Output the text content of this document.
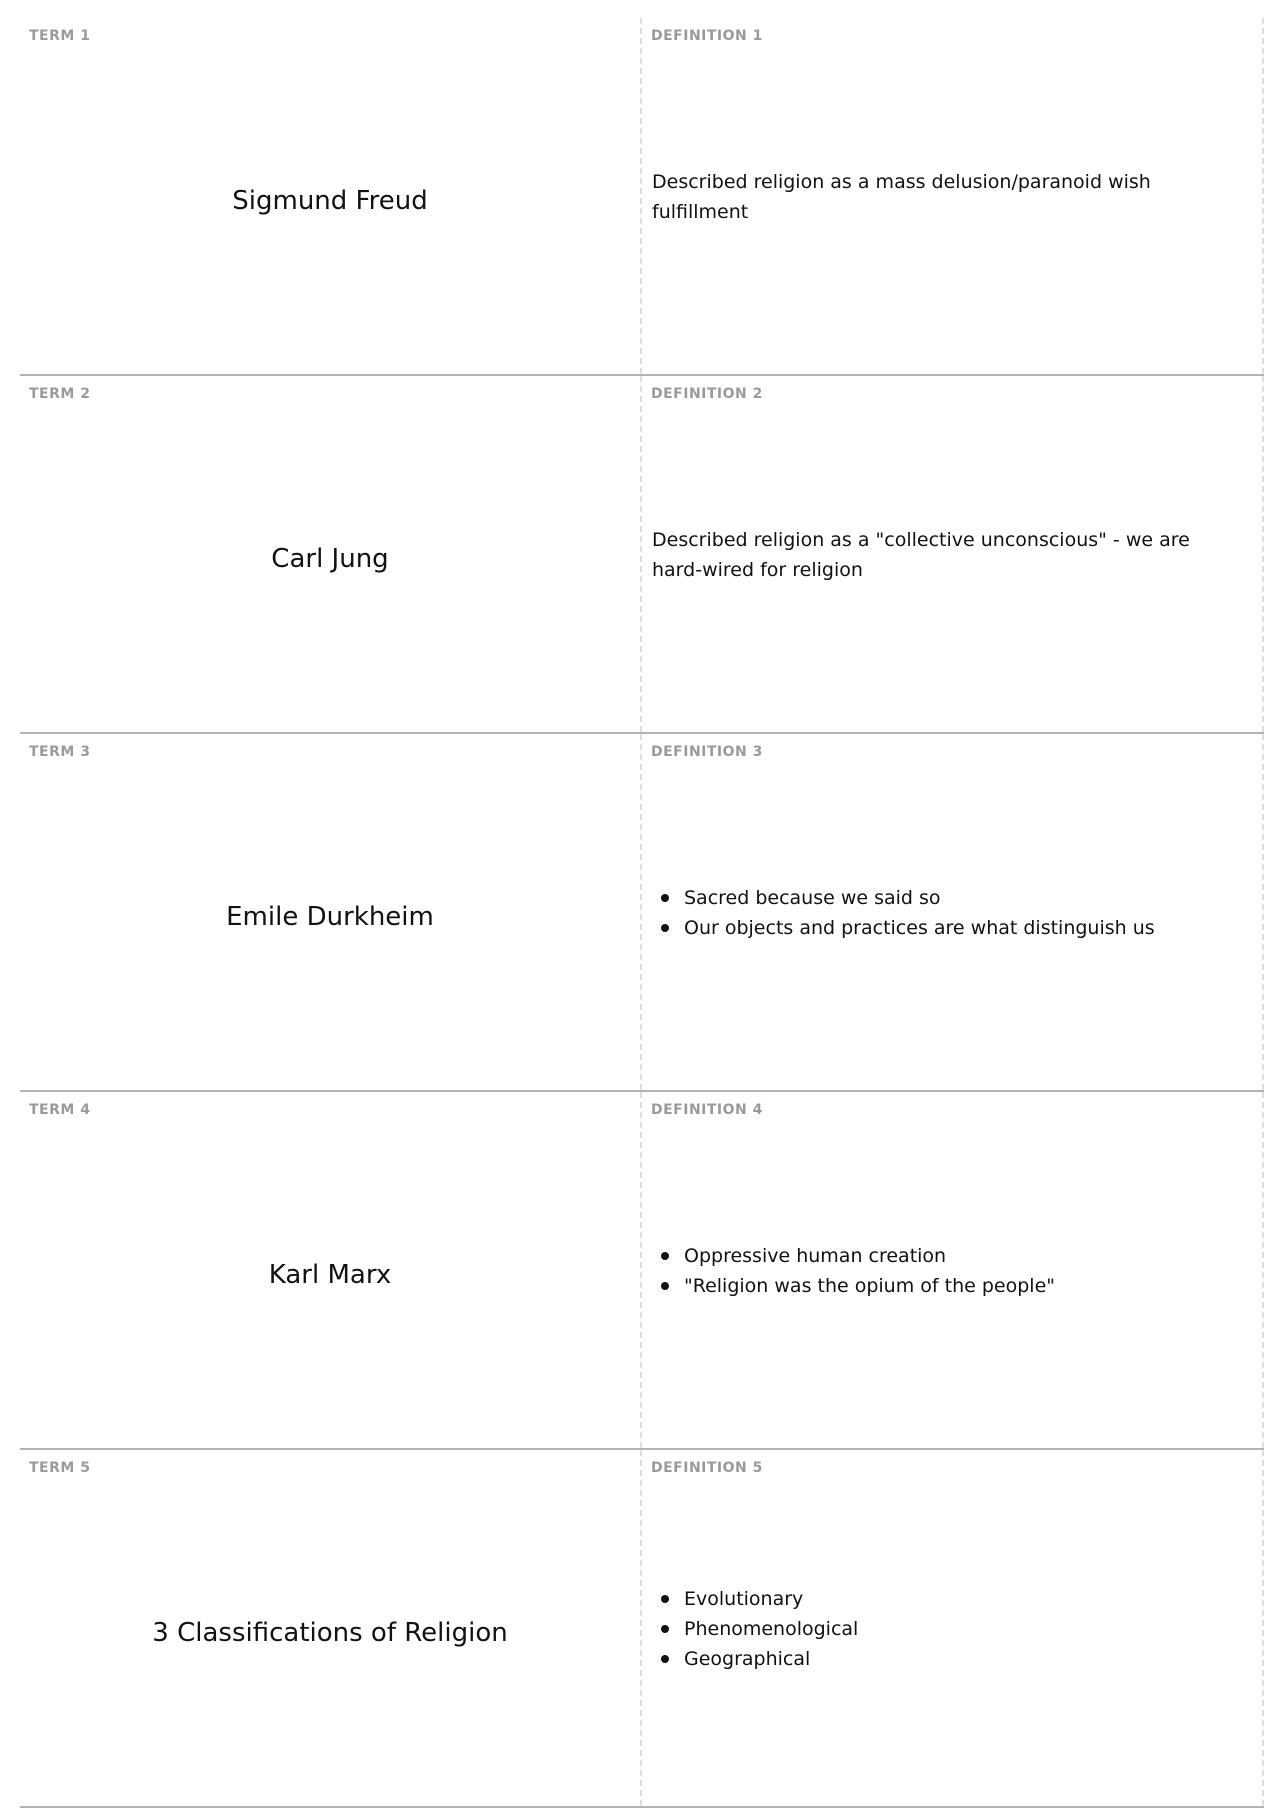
TERM 1
Sigmund Freud
DEFINITION 1
Described religion as a mass delusion/paranoid wish fulfillment
TERM 2
Carl Jung
DEFINITION 2
Described religion as a "collective unconscious" - we are hard-wired for religion
TERM 3
Emile Durkheim
DEFINITION 3
Sacred because we said so
Our objects and practices are what distinguish us
TERM 4
Karl Marx
DEFINITION 4
Oppressive human creation
"Religion was the opium of the people"
TERM 5
3 Classifications of Religion
DEFINITION 5
Evolutionary
Phenomenological
Geographical
